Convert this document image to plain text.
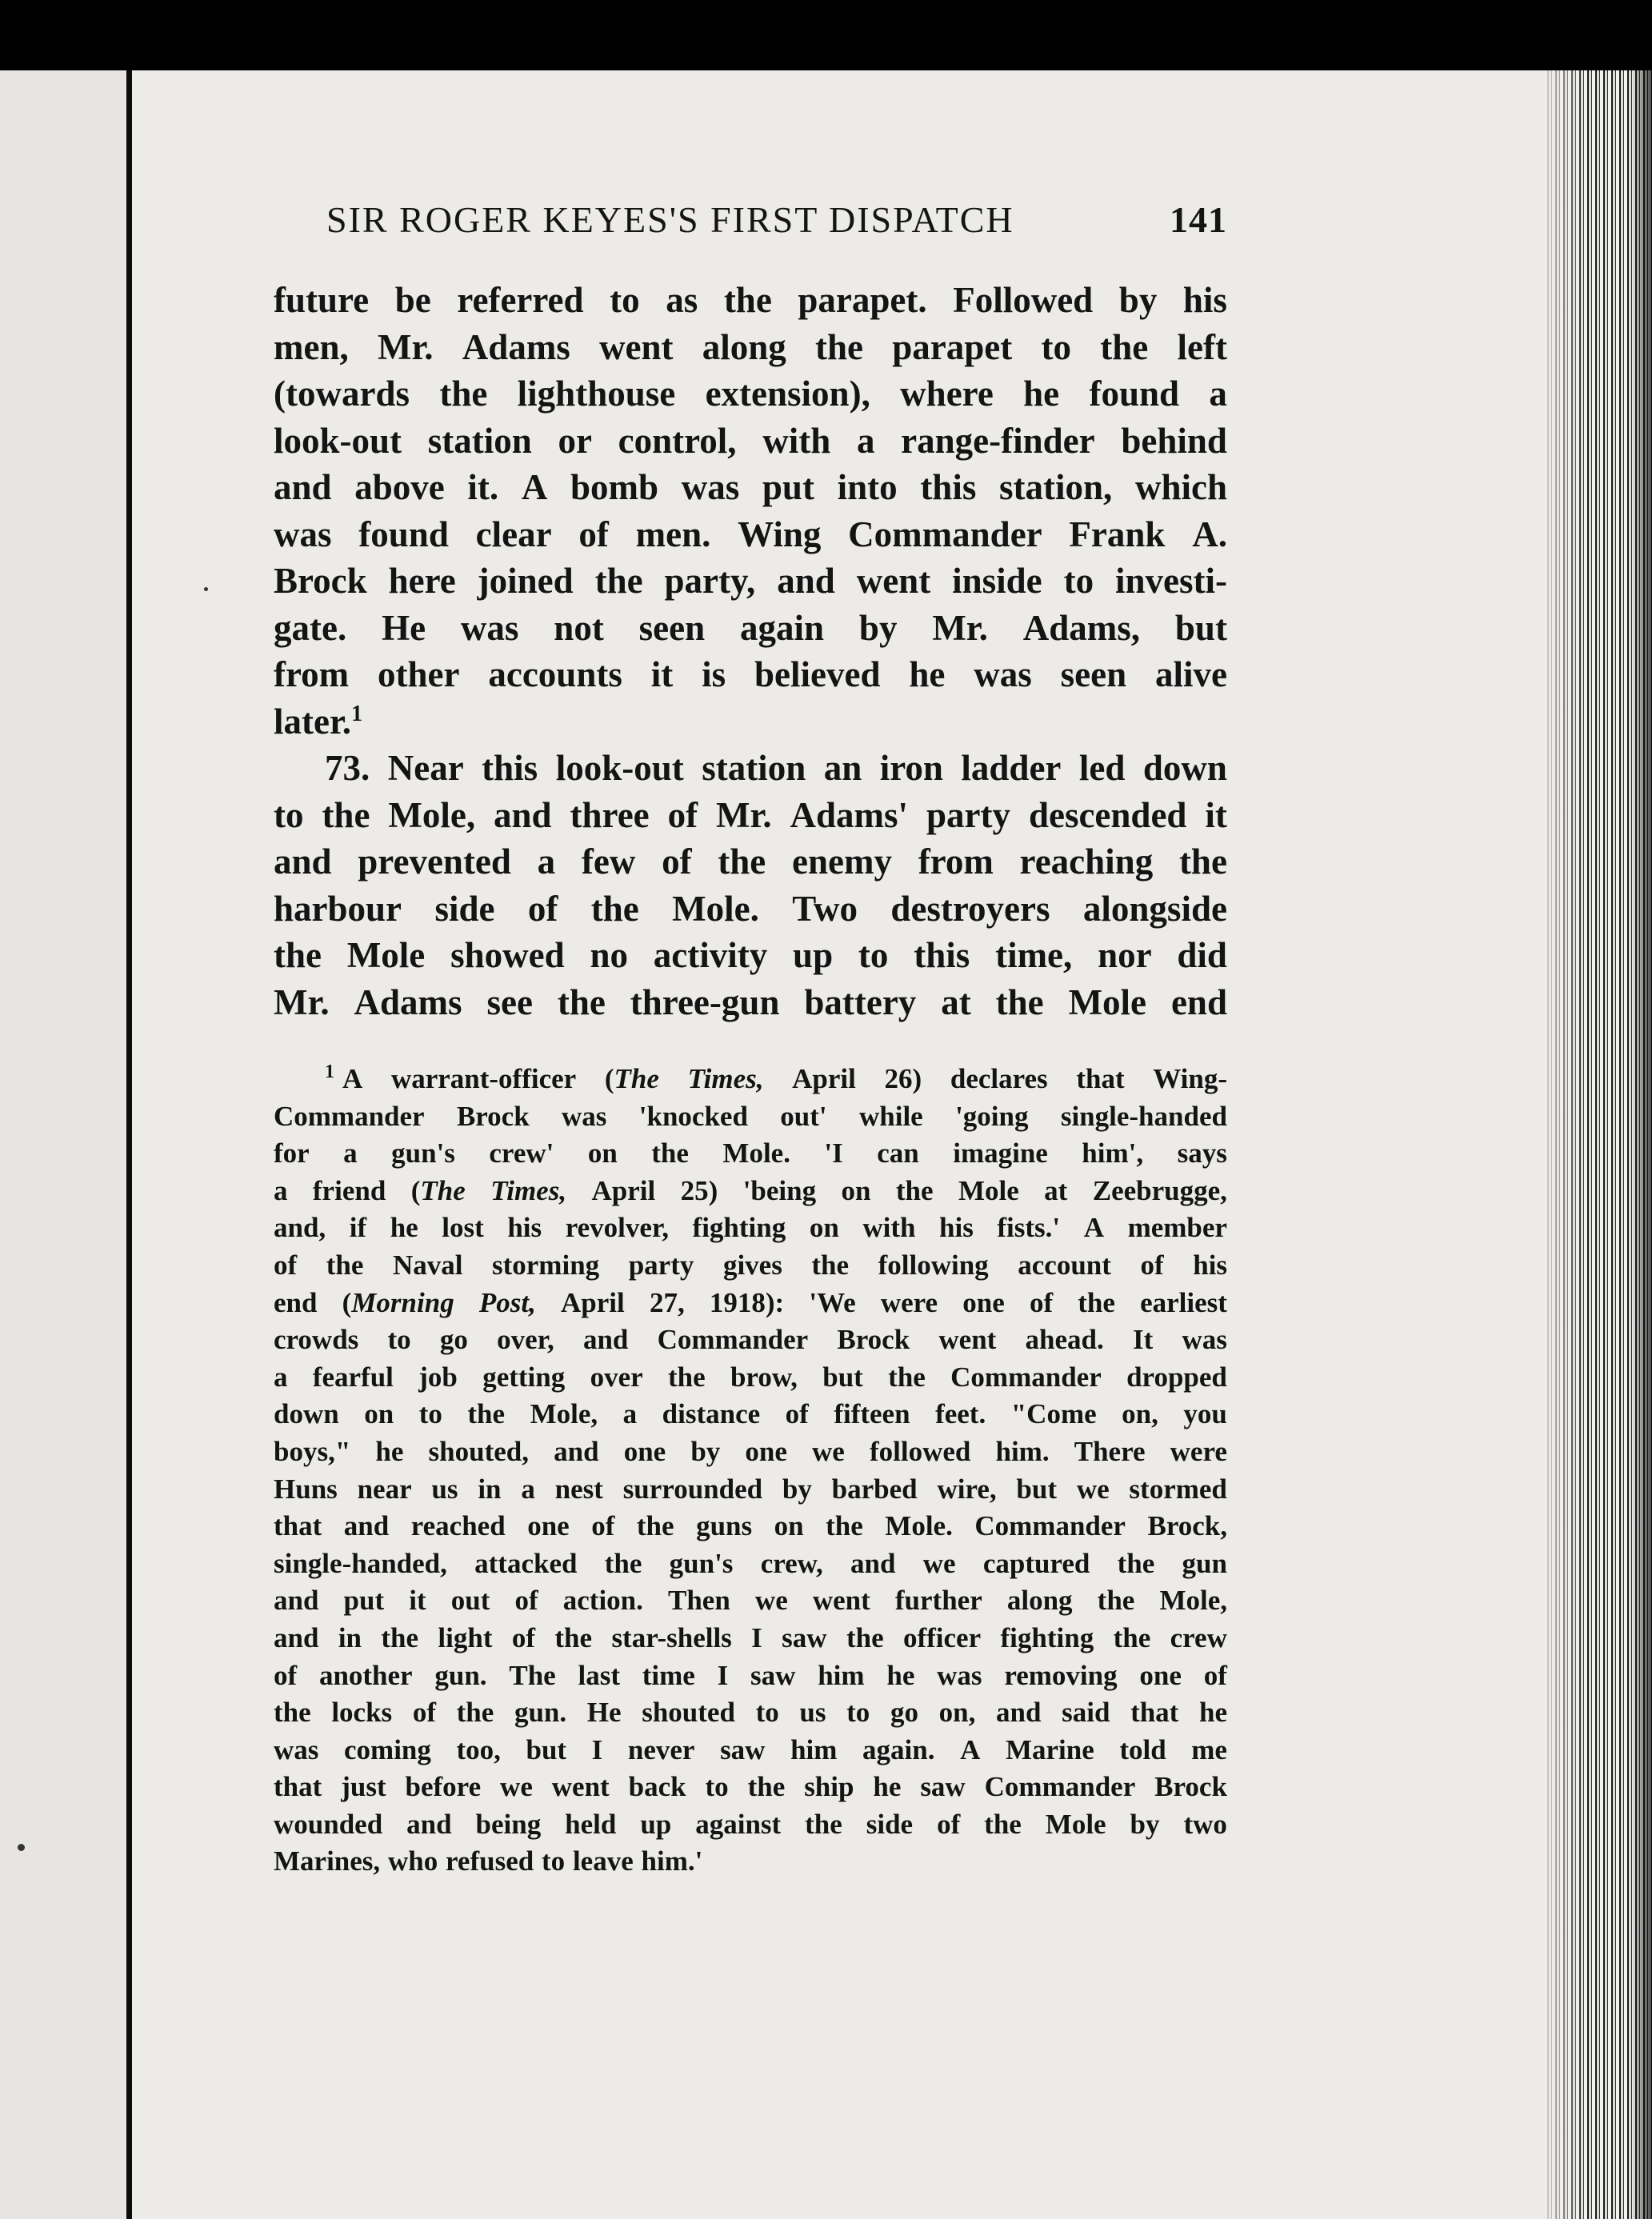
SIR ROGER KEYES'S FIRST DISPATCH	141
future be referred to as the parapet. Followed by his
men, Mr. Adams went along the parapet to the left
(towards the lighthouse extension), where he found a
look-out station or control, with a range-finder behind
and above it. A bomb was put into this station, which
was found clear of men. Wing Commander Frank A.
Brock here joined the party, and went inside to investi-
gate. He was not seen again by Mr. Adams, but
from other accounts it is believed he was seen alive
later.$^1$
73. Near this look-out station an iron ladder led down
to the Mole, and three of Mr. Adams' party descended it
and prevented a few of the enemy from reaching the
harbour side of the Mole. Two destroyers alongside
the Mole showed no activity up to this time, nor did
Mr. Adams see the three-gun battery at the Mole end
$^1$ A warrant-officer (The Times, April 26) declares that Wing-
Commander Brock was 'knocked out' while 'going single-handed
for a gun's crew' on the Mole. 'I can imagine him', says
a friend (The Times, April 25) 'being on the Mole at Zeebrugge,
and, if he lost his revolver, fighting on with his fists.' A member
of the Naval storming party gives the following account of his
end (Morning Post, April 27, 1918): 'We were one of the earliest
crowds to go over, and Commander Brock went ahead. It was
a fearful job getting over the brow, but the Commander dropped
down on to the Mole, a distance of fifteen feet. "Come on, you
boys," he shouted, and one by one we followed him. There were
Huns near us in a nest surrounded by barbed wire, but we stormed
that and reached one of the guns on the Mole. Commander Brock,
single-handed, attacked the gun's crew, and we captured the gun
and put it out of action. Then we went further along the Mole,
and in the light of the star-shells I saw the officer fighting the crew
of another gun. The last time I saw him he was removing one of
the locks of the gun. He shouted to us to go on, and said that he
was coming too, but I never saw him again. A Marine told me
that just before we went back to the ship he saw Commander Brock
wounded and being held up against the side of the Mole by two
Marines, who refused to leave him.'
